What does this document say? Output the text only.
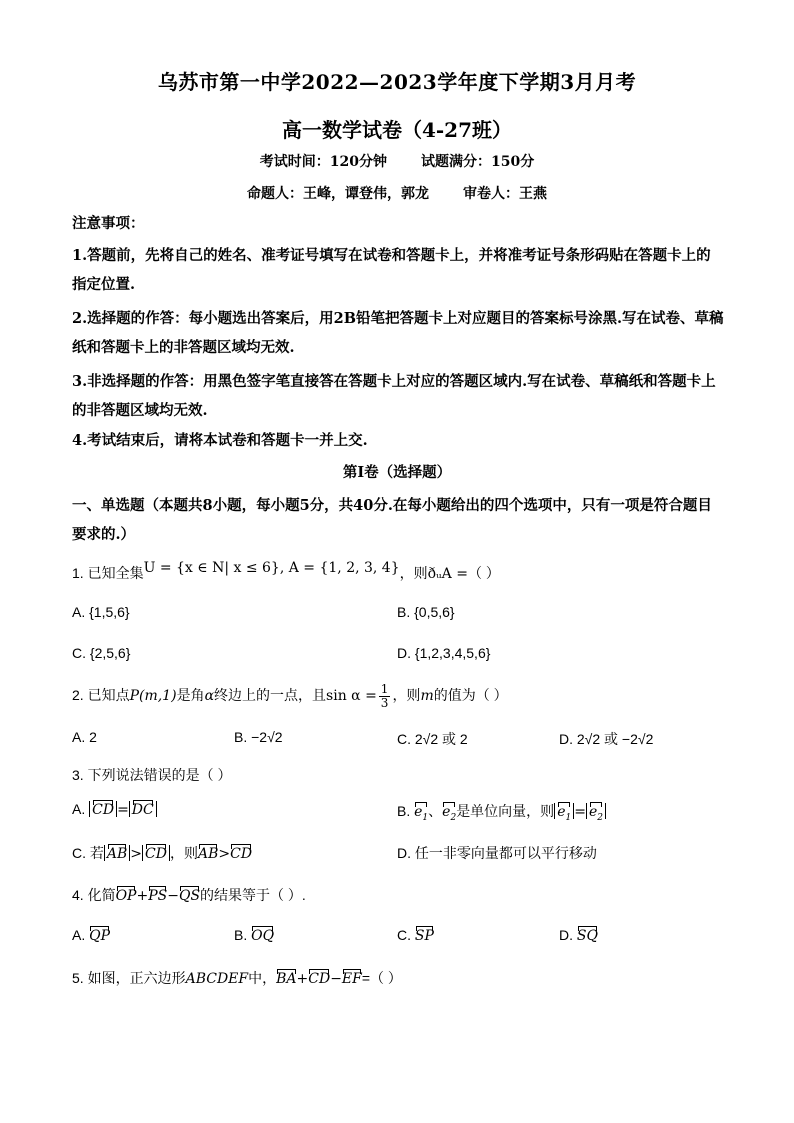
乌苏市第一中学2022—2023学年度下学期3月月考
高一数学试卷（4-27班）
考试时间：120分钟 试题满分：150分
命题人：王峰，谭登伟，郭龙 审卷人：王燕
注意事项：
1.答题前，先将自己的姓名、准考证号填写在试卷和答题卡上，并将准考证号条形码贴在答题卡上的指定位置.
2.选择题的作答：每小题选出答案后，用2B铅笔把答题卡上对应题目的答案标号涂黑.写在试卷、草稿纸和答题卡上的非答题区域均无效.
3.非选择题的作答：用黑色签字笔直接答在答题卡上对应的答题区域内.写在试卷、草稿纸和答题卡上的非答题区域均无效.
4.考试结束后，请将本试卷和答题卡一并上交.
第Ⅰ卷（选择题）
一、单选题（本题共8小题，每小题5分，共40分.在每小题给出的四个选项中，只有一项是符合题目要求的.）
1. 已知全集U = {x ∈ N| x ≤ 6}, A = {1, 2, 3, 4}，则ðᵤA =（ ）
A. {1,5,6}	B. {0,5,6}
C. {2,5,6}	D. {1,2,3,4,5,6}
2. 已知点P(m,1)是角α终边上的一点，且$\sin \alpha = \frac{1}{3}$ ，则m的值为（ ）
A. 2	B. −2√2	C. 2√2 或 2	D. 2√2 或 −2√2
3. 下列说法错误的是（ ）
A. CD = DC	B. $e_1$、$e_2$是单位向量，则 $e_1 = e_2$
C. 若 AB > CD ，则AB>CD	D. 任一非零向量都可以平行移动
4. 化简OP+PS−QS的结果等于（ ）.
A. QP	B. OQ	C. SP	D. SQ
5. 如图，正六边形ABCDEF中，BA+CD−EF=（ ）
